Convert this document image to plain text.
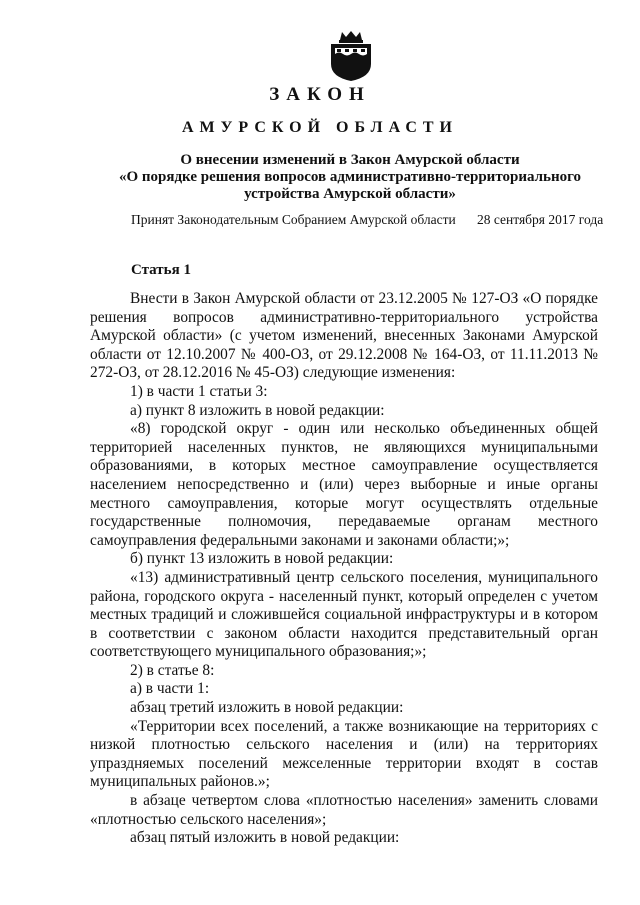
ЗАКОН
АМУРСКОЙ ОБЛАСТИ
О внесении изменений в Закон Амурской области
«О порядке решения вопросов административно-территориального
устройства Амурской области»
Принят Законодательным Собранием Амурской области 28 сентября 2017 года
Статья 1

Внести в Закон Амурской области от 23.12.2005 № 127-ОЗ «О порядке решения вопросов административно-территориального устройства Амурской области» (с учетом изменений, внесенных Законами Амурской области от 12.10.2007 № 400-ОЗ, от 29.12.2008 № 164-ОЗ, от 11.11.2013 № 272-ОЗ, от 28.12.2016 № 45-ОЗ) следующие изменения:

1) в части 1 статьи 3:

а) пункт 8 изложить в новой редакции:

«8) городской округ - один или несколько объединенных общей территорией населенных пунктов, не являющихся муниципальными образованиями, в которых местное самоуправление осуществляется населением непосредственно и (или) через выборные и иные органы местного самоуправления, которые могут осуществлять отдельные государственные полномочия, передаваемые органам местного самоуправления федеральными законами и законами области;»;

б) пункт 13 изложить в новой редакции:

«13) административный центр сельского поселения, муниципального района, городского округа - населенный пункт, который определен с учетом местных традиций и сложившейся социальной инфраструктуры и в котором в соответствии с законом области находится представительный орган соответствующего муниципального образования;»;

2) в статье 8:

а) в части 1:

абзац третий изложить в новой редакции:

«Территории всех поселений, а также возникающие на территориях с низкой плотностью сельского населения и (или) на территориях упраздняемых поселений межселенные территории входят в состав муниципальных районов.»;

в абзаце четвертом слова «плотностью населения» заменить словами «плотностью сельского населения»;

абзац пятый изложить в новой редакции:
